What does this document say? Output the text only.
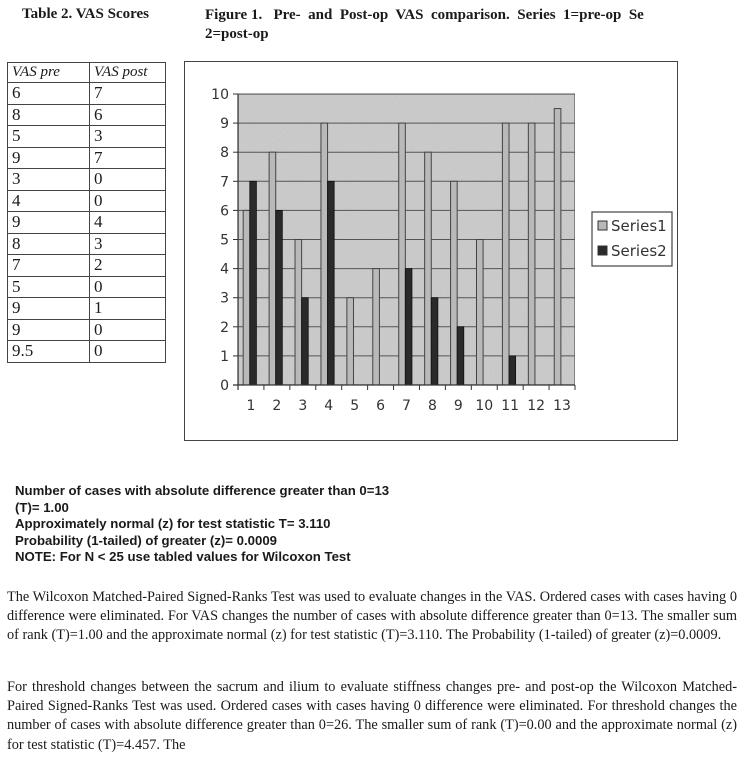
Table 2. VAS Scores	Figure 1.   Pre-  and  Post-op  VAS  comparison.  Series  1=pre-op  Se
2=post-op
VAS pre	VAS post
6	7
8	6
5	3
9	7
3	0
4	0
9	4
8	3
7	2
5	0
9	1
9	0
9.5	0
0
1
2
3
4
5
6
7
8
9
10
1 2 3 4 5 6 7 8 9 10 11 12 13
Series1
Series2
Number of cases with absolute difference greater than 0=13
(T)= 1.00
Approximately normal (z) for test statistic T= 3.110
Probability (1-tailed) of greater (z)= 0.0009
NOTE: For N < 25 use tabled values for Wilcoxon Test

The Wilcoxon Matched-Paired Signed-Ranks Test was used to evaluate changes in the VAS. Ordered cases with cases having 0 difference were eliminated. For VAS changes the number of cases with absolute difference greater than 0=13. The smaller sum of rank (T)=1.00 and the approximate normal (z) for test statistic (T)=3.110. The Probability (1-tailed) of greater (z)=0.0009.

For threshold changes between the sacrum and ilium to evaluate stiffness changes pre- and post-op the Wilcoxon Matched-Paired Signed-Ranks Test was used. Ordered cases with cases having 0 difference were eliminated. For threshold changes the number of cases with absolute difference greater than 0=26. The smaller sum of rank (T)=0.00 and the approximate normal (z) for test statistic (T)=4.457. The
